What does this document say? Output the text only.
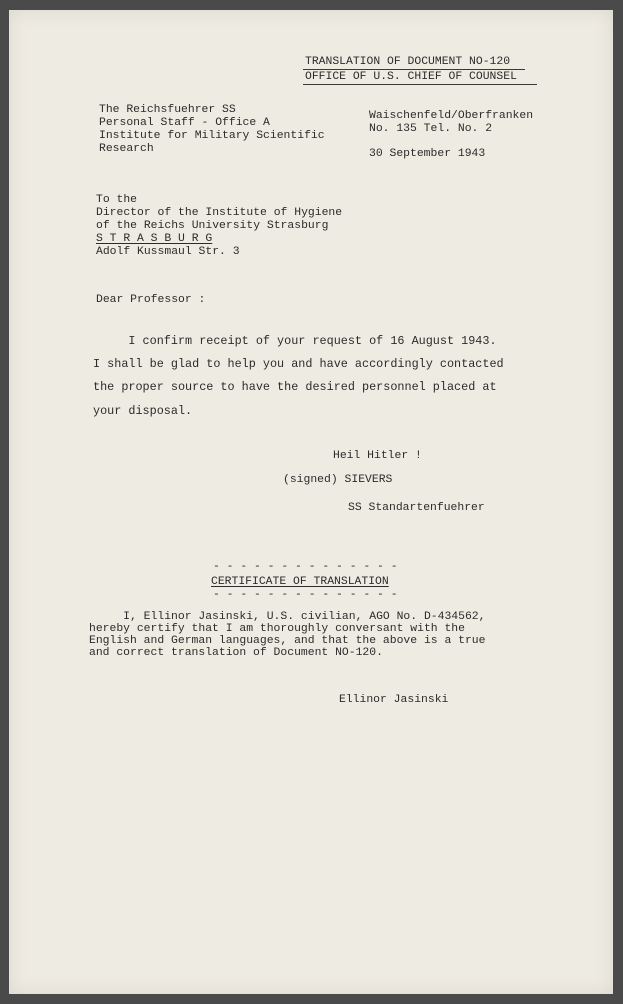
TRANSLATION OF DOCUMENT NO-120
OFFICE OF U.S. CHIEF OF COUNSEL
The Reichsfuehrer SS
Personal Staff - Office A
Institute for Military Scientific
Research
Waischenfeld/Oberfranken
No. 135 Tel. No. 2
30 September 1943
To the
Director of the Institute of Hygiene
of the Reichs University Strasburg
S T R A S B U R G
Adolf Kussmaul Str. 3
Dear Professor :
I confirm receipt of your request of 16 August 1943.
I shall be glad to help you and have accordingly contacted
the proper source to have the desired personnel placed at
your disposal.
Heil Hitler !
(signed) SIEVERS
SS Standartenfuehrer
- - - - - - - - - - - - - -
CERTIFICATE OF TRANSLATION
- - - - - - - - - - - - - -
I, Ellinor Jasinski, U.S. civilian, AGO No. D-434562,
hereby certify that I am thoroughly conversant with the
English and German languages, and that the above is a true
and correct translation of Document NO-120.
Ellinor Jasinski
